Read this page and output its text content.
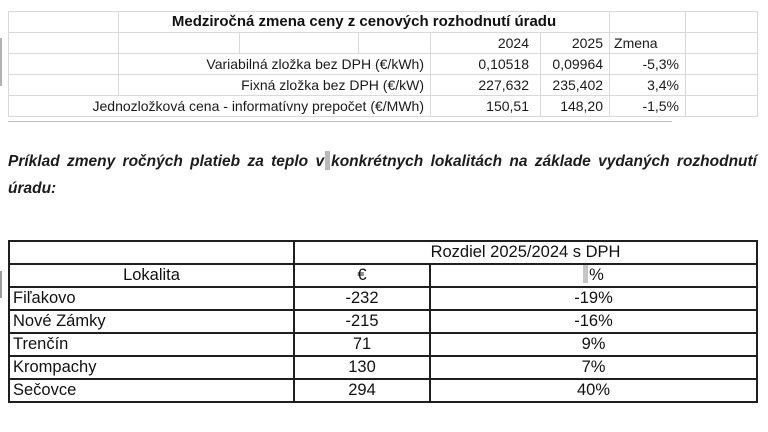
	Medziročná zmena ceny z cenových rozhodnutí úradu						
				2024	2025	Zmena	
	Variabilná zložka bez DPH (€/kWh)			0,10518	0,09964	-5,3%	
	Fixná zložka bez DPH (€/kW)			227,632	235,402	3,4%	
Jednozložková cena - informatívny prepočet (€/MWh)				150,51	148,20	-1,5%	
Príklad zmeny ročných platieb za teplo v konkrétnych lokalitách na základe vydaných rozhodnutí
úradu:
	Rozdiel 2025/2024 s DPH	
Lokalita	€	%
Fiľakovo	-232	-19%
Nové Zámky	-215	-16%
Trenčín	71	9%
Krompachy	130	7%
Sečovce	294	40%
